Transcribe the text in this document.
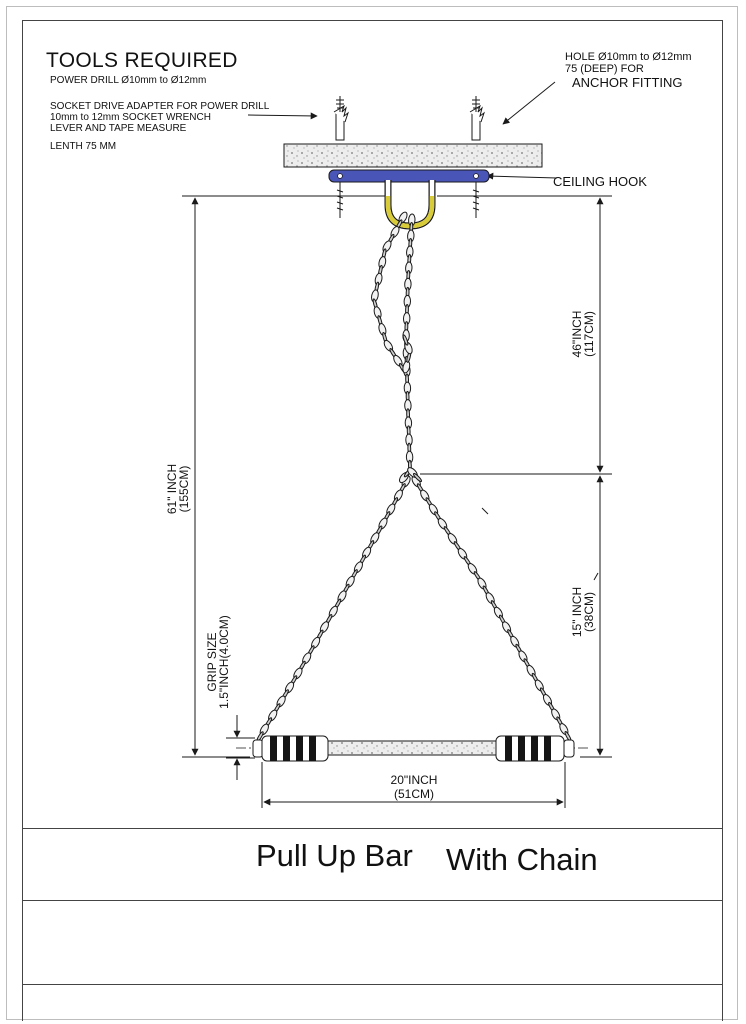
TOOLS REQUIRED
POWER DRILL Ø10mm to Ø12mm
SOCKET DRIVE ADAPTER FOR POWER DRILL
10mm to 12mm SOCKET WRENCH
LEVER AND TAPE MEASURE
LENTH 75 MM
HOLE Ø10mm to Ø12mm
75 (DEEP) FOR
ANCHOR FITTING
CEILING HOOK
61" INCH
(155CM)
46"INCH
(117CM)
15" INCH
(38CM)
GRIP SIZE
1.5"INCH(4.0CM)
20"INCH
(51CM)
Pull Up Bar With Chain
